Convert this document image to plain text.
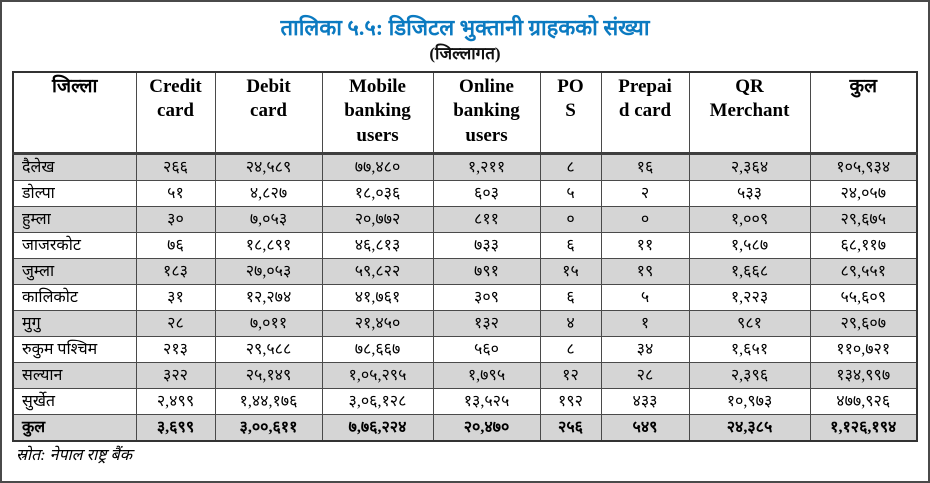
तालिका ५.५: डिजिटल भुक्तानी ग्राहकको संख्या
(जिल्लागत)
जिल्ला	Credit card	Debit card	Mobile banking users	Online banking users	POS	Prepaid card	QR Merchant	कुल
दैलेख	२६६	२४,५८९	७७,४८०	१,२११	८	१६	२,३६४	१०५,९३४
डोल्पा	५१	४,८२७	१८,०३६	६०३	५	२	५३३	२४,०५७
हुम्ला	३०	७,०५३	२०,७७२	८११	०	०	१,००९	२९,६७५
जाजरकोट	७६	१८,८९१	४६,८१३	७३३	६	११	१,५८७	६८,११७
जुम्ला	१८३	२७,०५३	५९,८२२	७९१	१५	१९	१,६६८	८९,५५१
कालिकोट	३१	१२,२७४	४१,७६१	३०९	६	५	१,२२३	५५,६०९
मुगु	२८	७,०११	२१,४५०	१३२	४	१	९८१	२९,६०७
रुकुम पश्चिम	२१३	२९,५८८	७८,६६७	५६०	८	३४	१,६५१	११०,७२१
सल्यान	३२२	२५,१४९	१,०५,२९५	१,७९५	१२	२८	२,३९६	१३४,९९७
सुर्खेत	२,४९९	१,४४,१७६	३,०६,१२८	१३,५२५	१९२	४३३	१०,९७३	४७७,९२६
कुल	३,६९९	३,००,६११	७,७६,२२४	२०,४७०	२५६	५४९	२४,३८५	१,१२६,१९४
स्रोत: नेपाल राष्ट्र बैंक
